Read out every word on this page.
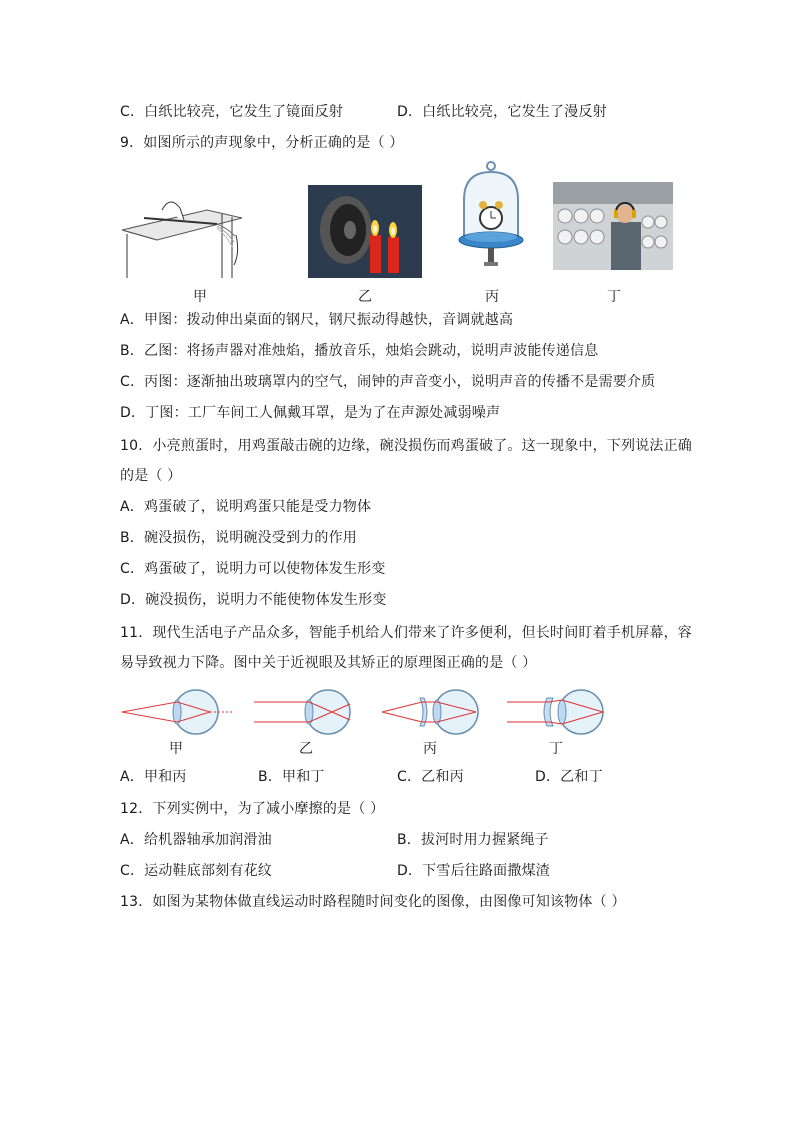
C．白纸比较亮，它发生了镜面反射	D．白纸比较亮，它发生了漫反射
9．如图所示的声现象中，分析正确的是（ ）
甲	乙	丙	丁
A．甲图：拨动伸出桌面的钢尺，钢尺振动得越快，音调就越高
B．乙图：将扬声器对准烛焰，播放音乐，烛焰会跳动，说明声波能传递信息
C．丙图：逐渐抽出玻璃罩内的空气，闹钟的声音变小，说明声音的传播不是需要介质
D．丁图：工厂车间工人佩戴耳罩，是为了在声源处减弱噪声
10．小亮煎蛋时，用鸡蛋敲击碗的边缘，碗没损伤而鸡蛋破了。这一现象中，下列说法正确
的是（ ）
A．鸡蛋破了，说明鸡蛋只能是受力物体
B．碗没损伤，说明碗没受到力的作用
C．鸡蛋破了，说明力可以使物体发生形变
D．碗没损伤，说明力不能使物体发生形变
11．现代生活电子产品众多，智能手机给人们带来了许多便利，但长时间盯着手机屏幕，容
易导致视力下降。图中关于近视眼及其矫正的原理图正确的是（ ）
甲	乙	丙	丁
A．甲和丙	B．甲和丁	C．乙和丙	D．乙和丁
12．下列实例中，为了减小摩擦的是（ ）
A．给机器轴承加润滑油	B．拔河时用力握紧绳子
C．运动鞋底部刻有花纹	D．下雪后往路面撒煤渣
13．如图为某物体做直线运动时路程随时间变化的图像，由图像可知该物体（ ）
